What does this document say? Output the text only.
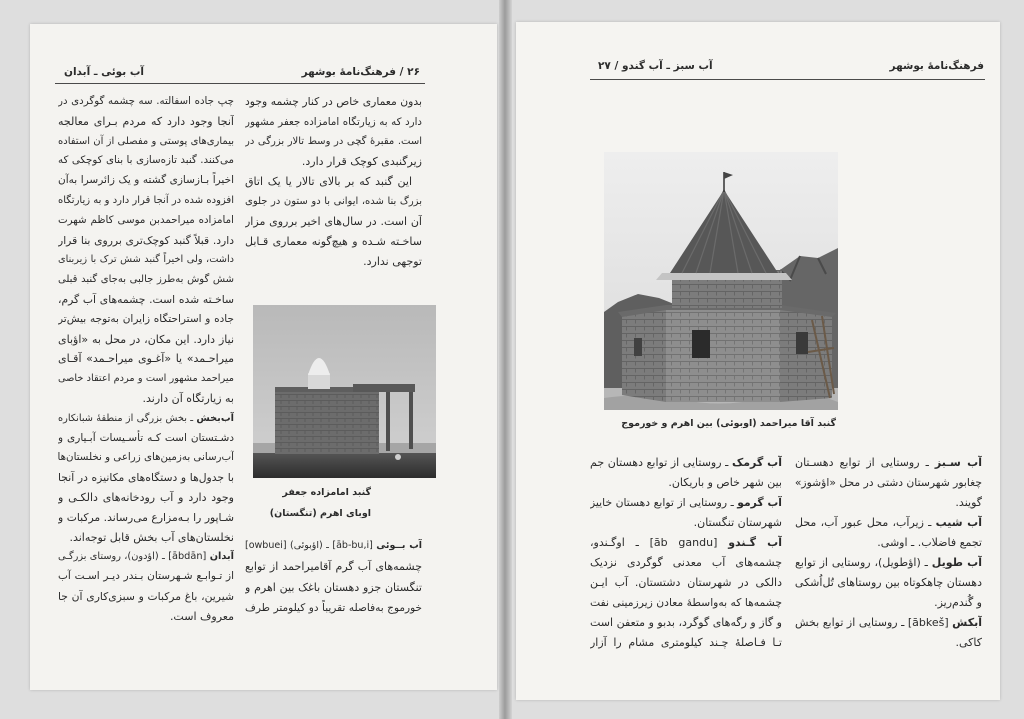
۲۶ / فرهنگ‌نامهٔ بوشهر
آب بوئی ـ آبدان
بدون معماری خاص در کنار چشمه وجود
دارد که به زیارتگاه امامزاده جعفر مشهور
است. مقبرهٔ گچی در وسط تالار بزرگی در
زیرگنبدی کوچک قرار دارد.
این گنبد که بر بالای تالار یا یک اتاق
بزرگ بنا شده، ایوانی با دو ستون در جلوی
آن است. در سال‌های اخیر برروی مزار
ساخـته شـده و هیچ‌گونه معماری قـابل
توجهی ندارد.
گنبد امامزاده جعفر
اوبای اهرم (تنگستان)
آب بــوئی [āb-bu,i] ـ (اؤبوئی) [owbuei]
چشمه‌های آب گرم آقامیراحمد از توابع
تنگستان جزو دهستان باغک بین اهرم و
خورموج به‌فاصله تقریباً دو کیلومتر طرف
چپ جاده اسفالته. سه چشمه گوگردی در
آنجا وجود دارد که مردم بـرای معالجه
بیماری‌های پوستی و مفصلی از آن استفاده
می‌کنند. گنبد تازه‌سازی با بنای کوچکی که
اخیراً بـازسازی گشته و یک زائرسرا به‌آن
افزوده شده در آنجا قرار دارد و به زیارتگاه
امامزاده میراحمدبن موسی کاظم شهرت
دارد. قبلاً گنبد کوچک‌تری برروی بنا قرار
داشت، ولی اخیراً گنبد شش ترک با زیربنای
شش گوش به‌طرز جالبی به‌جای گنبد قبلی
ساخـته شده است. چشمه‌های آب گرم،
جاده و استراحتگاه زایران به‌توجه بیش‌تر
نیاز دارد. این مکان، در محل به «اؤبای
میراحـمد» یا «آغـوی میراحـمد» آقـای
میراحمد مشهور است و مردم اعتقاد خاصی
به زیارتگاه آن دارند.
آب‌بخش ـ بخش بزرگی از منطقهٔ شبانکاره
دشـتستان است کـه تأسـیسات آبـیاری و
آب‌رسانی به‌زمین‌های زراعی و نخلستان‌ها
با جدول‌ها و دستگاه‌های مکانیزه در آنجا
وجود دارد و آب رودخانه‌های دالکـی و
شـاپور را بـه‌مزارع می‌رساند. مرکبات و
نخلستان‌های آب بخش قابل توجه‌اند.
آبدان [ābdān] ـ (اؤدون)، روستای بزرگـی
از تـوابـع شـهرستان بـندر دیـر اسـت آب
شیرین، باغ مرکبات و سبزی‌کاری آن جا
معروف است.
فرهنگ‌نامهٔ بوشهر
آب سبز ـ آب گندو / ۲۷
گنبد آقا میراحمد (اوبوئی) بین اهرم و خورموج
آب سـبز ـ روستایی از توابع دهسـتان
چغابور شهرستان دشتی در محل «اؤشوز»
گویند.
آب شیب ـ زیرآب، محل عبور آب، محل
تجمع فاضلاب. ـ اوشی.
آب طویل ـ (اؤطویل)، روستایی از توابع
دهستان چاهکوتاه بین روستاهای تُل‌اُشکی
و گُندم‌ریز.
آبکش [ābkeš] ـ روستایی از توابع بخش
کاکی.
آب گرمک ـ روستایی از توابع دهستان جم
بین شهر خاص و باریکان.
آب گرمو ـ روستایی از توابع دهستان خاییز
شهرستان تنگستان.
آب گـندو [āb gandu] ـ اوگـندو،
چشمه‌های آب معدنی گوگردی نزدیک
دالکی در شهرستان دشتستان. آب ایـن
چشمه‌ها که به‌واسطهٔ معادن زیرزمینی نفت
و گاز و رگه‌های گوگرد، بدبو و متعفن است
تـا فـاصلهٔ چـند کیلومتری مشام را آزار
